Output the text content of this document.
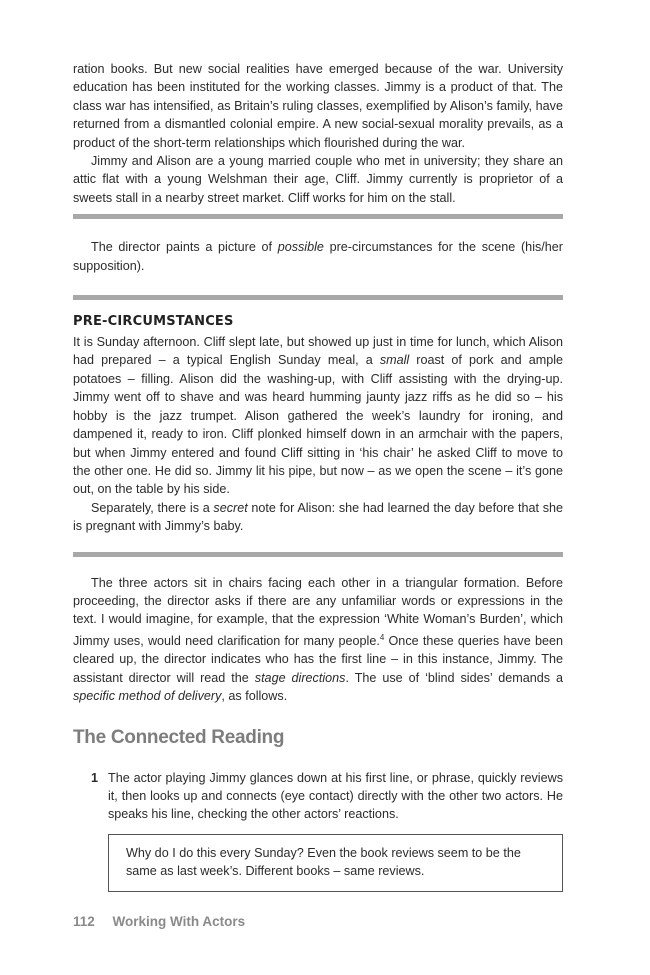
ration books. But new social realities have emerged because of the war. University education has been instituted for the working classes. Jimmy is a product of that. The class war has intensified, as Britain’s ruling classes, exemplified by Alison’s family, have returned from a dismantled colonial empire. A new social-sexual morality prevails, as a product of the short-term relationships which flourished during the war.

Jimmy and Alison are a young married couple who met in university; they share an attic flat with a young Welshman their age, Cliff. Jimmy currently is proprietor of a sweets stall in a nearby street market. Cliff works for him on the stall.

The director paints a picture of possible pre-circumstances for the scene (his/her supposition).

PRE-CIRCUMSTANCES

It is Sunday afternoon. Cliff slept late, but showed up just in time for lunch, which Alison had prepared – a typical English Sunday meal, a small roast of pork and ample potatoes – filling. Alison did the washing-up, with Cliff assisting with the drying-up. Jimmy went off to shave and was heard humming jaunty jazz riffs as he did so – his hobby is the jazz trumpet. Alison gathered the week’s laundry for ironing, and dampened it, ready to iron. Cliff plonked himself down in an armchair with the papers, but when Jimmy entered and found Cliff sitting in ‘his chair’ he asked Cliff to move to the other one. He did so. Jimmy lit his pipe, but now – as we open the scene – it’s gone out, on the table by his side.

Separately, there is a secret note for Alison: she had learned the day before that she is pregnant with Jimmy’s baby.

The three actors sit in chairs facing each other in a triangular formation. Before proceeding, the director asks if there are any unfamiliar words or expressions in the text. I would imagine, for example, that the expression ‘White Woman’s Burden’, which Jimmy uses, would need clarification for many people.$^4$ Once these queries have been cleared up, the director indicates who has the first line – in this instance, Jimmy. The assistant director will read the stage directions. The use of ‘blind sides’ demands a specific method of delivery, as follows.

The Connected Reading
1 The actor playing Jimmy glances down at his first line, or phrase, quickly reviews it, then looks up and connects (eye contact) directly with the other two actors. He speaks his line, checking the other actors’ reactions.

Why do I do this every Sunday? Even the book reviews seem to be the same as last week’s. Different books – same reviews.

112 Working With Actors
